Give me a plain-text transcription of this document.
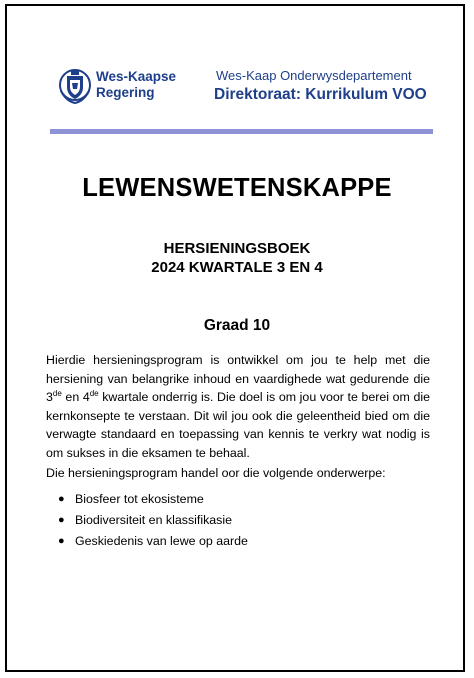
Wes-Kaapse
Regering
Wes-Kaap Onderwysdepartement
Direktoraat: Kurrikulum VOO
LEWENSWETENSKAPPE
HERSIENINGSBOEK
2024 KWARTALE 3 EN 4
Graad 10

Hierdie hersieningsprogram is ontwikkel om jou te help met die hersiening van belangrike inhoud en vaardighede wat gedurende die 3de en 4de kwartale onderrig is. Die doel is om jou voor te berei om die kernkonsepte te verstaan. Dit wil jou ook die geleentheid bied om die verwagte standaard en toepassing van kennis te verkry wat nodig is om sukses in die eksamen te behaal.

Die hersieningsprogram handel oor die volgende onderwerpe:

● Biosfeer tot ekosisteme
● Biodiversiteit en klassifikasie
● Geskiedenis van lewe op aarde
